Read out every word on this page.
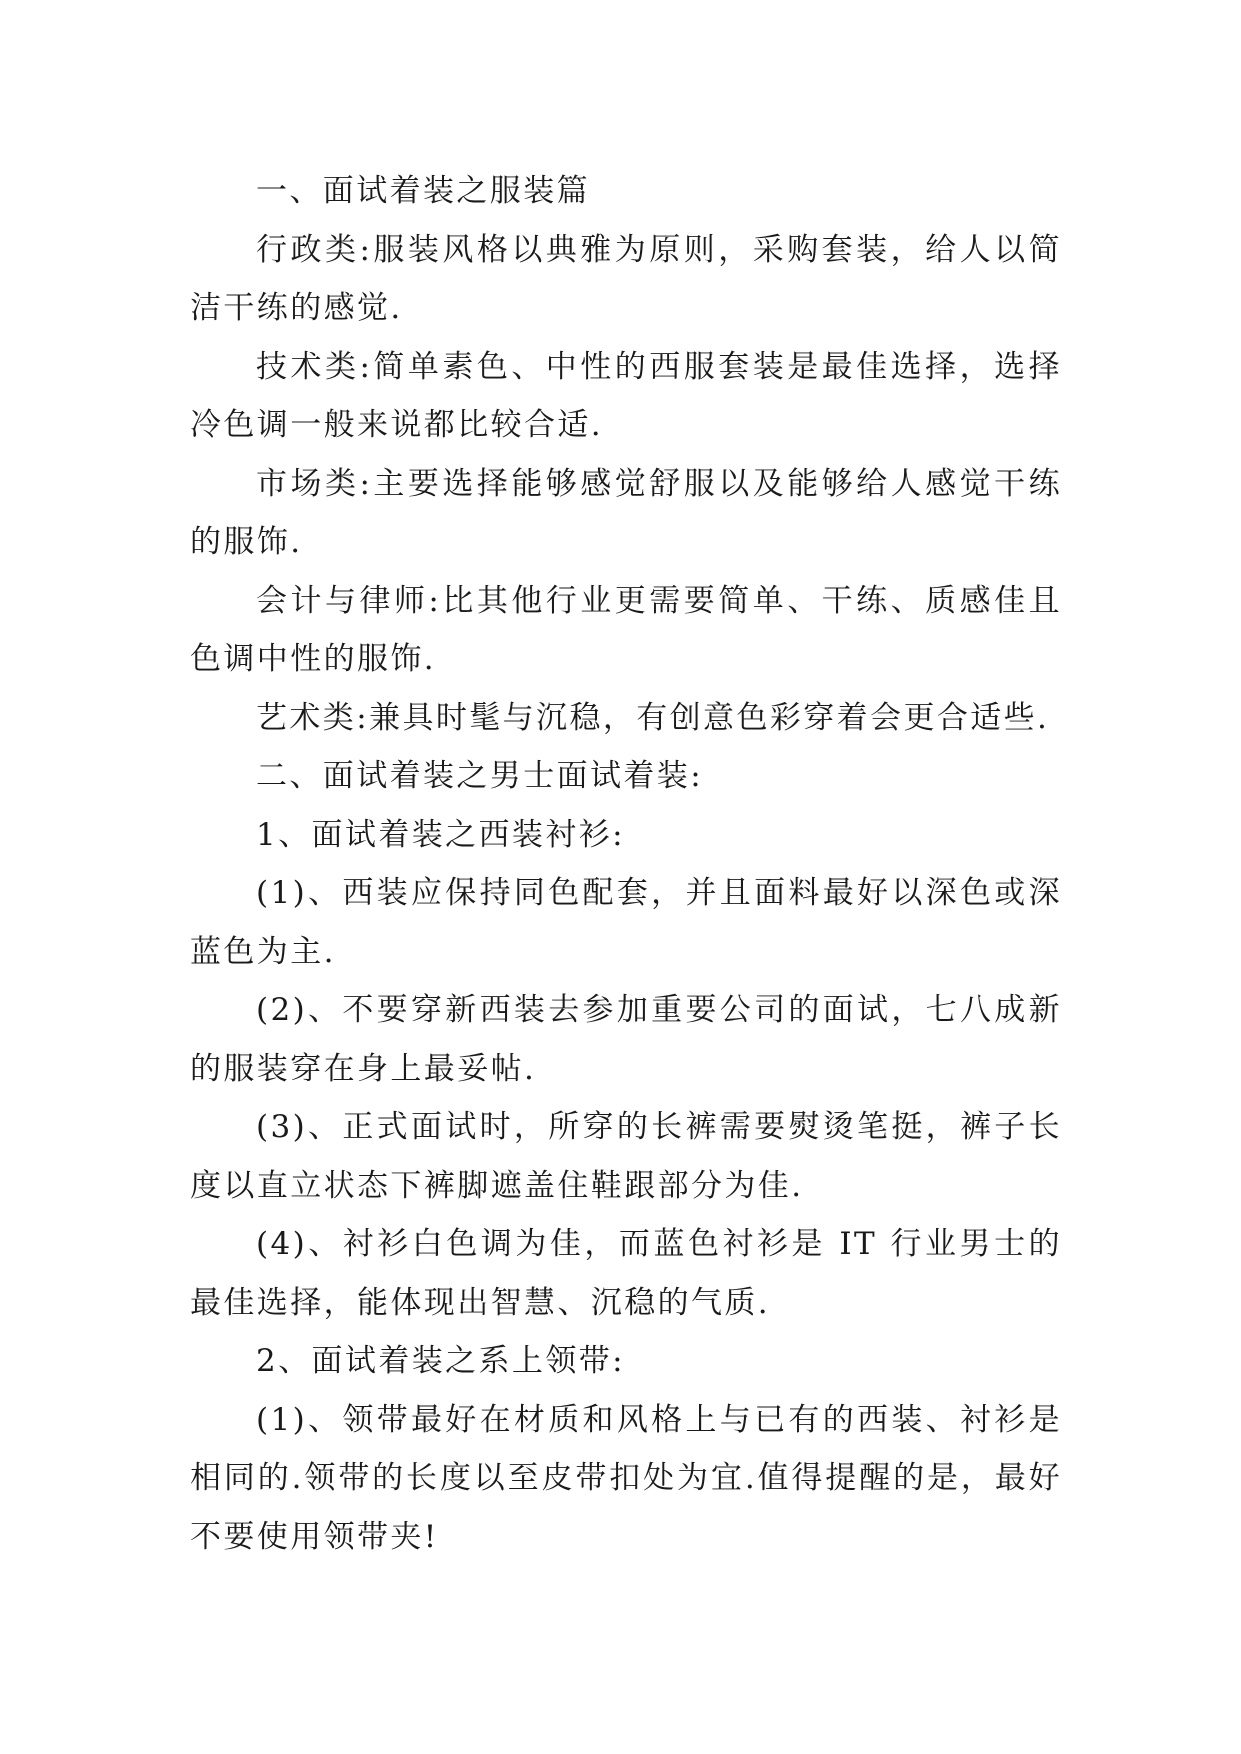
一、面试着装之服装篇

行政类:服装风格以典雅为原则，采购套装，给人以简洁干练的感觉.

技术类:简单素色、中性的西服套装是最佳选择，选择冷色调一般来说都比较合适.

市场类:主要选择能够感觉舒服以及能够给人感觉干练的服饰.

会计与律师:比其他行业更需要简单、干练、质感佳且色调中性的服饰.

艺术类:兼具时髦与沉稳，有创意色彩穿着会更合适些.

二、面试着装之男士面试着装:

1、面试着装之西装衬衫:

(1)、西装应保持同色配套，并且面料最好以深色或深蓝色为主.

(2)、不要穿新西装去参加重要公司的面试，七八成新的服装穿在身上最妥帖.

(3)、正式面试时，所穿的长裤需要熨烫笔挺，裤子长度以直立状态下裤脚遮盖住鞋跟部分为佳.

(4)、衬衫白色调为佳，而蓝色衬衫是 IT 行业男士的最佳选择，能体现出智慧、沉稳的气质.

2、面试着装之系上领带:

(1)、领带最好在材质和风格上与已有的西装、衬衫是相同的.领带的长度以至皮带扣处为宜.值得提醒的是，最好不要使用领带夹!
